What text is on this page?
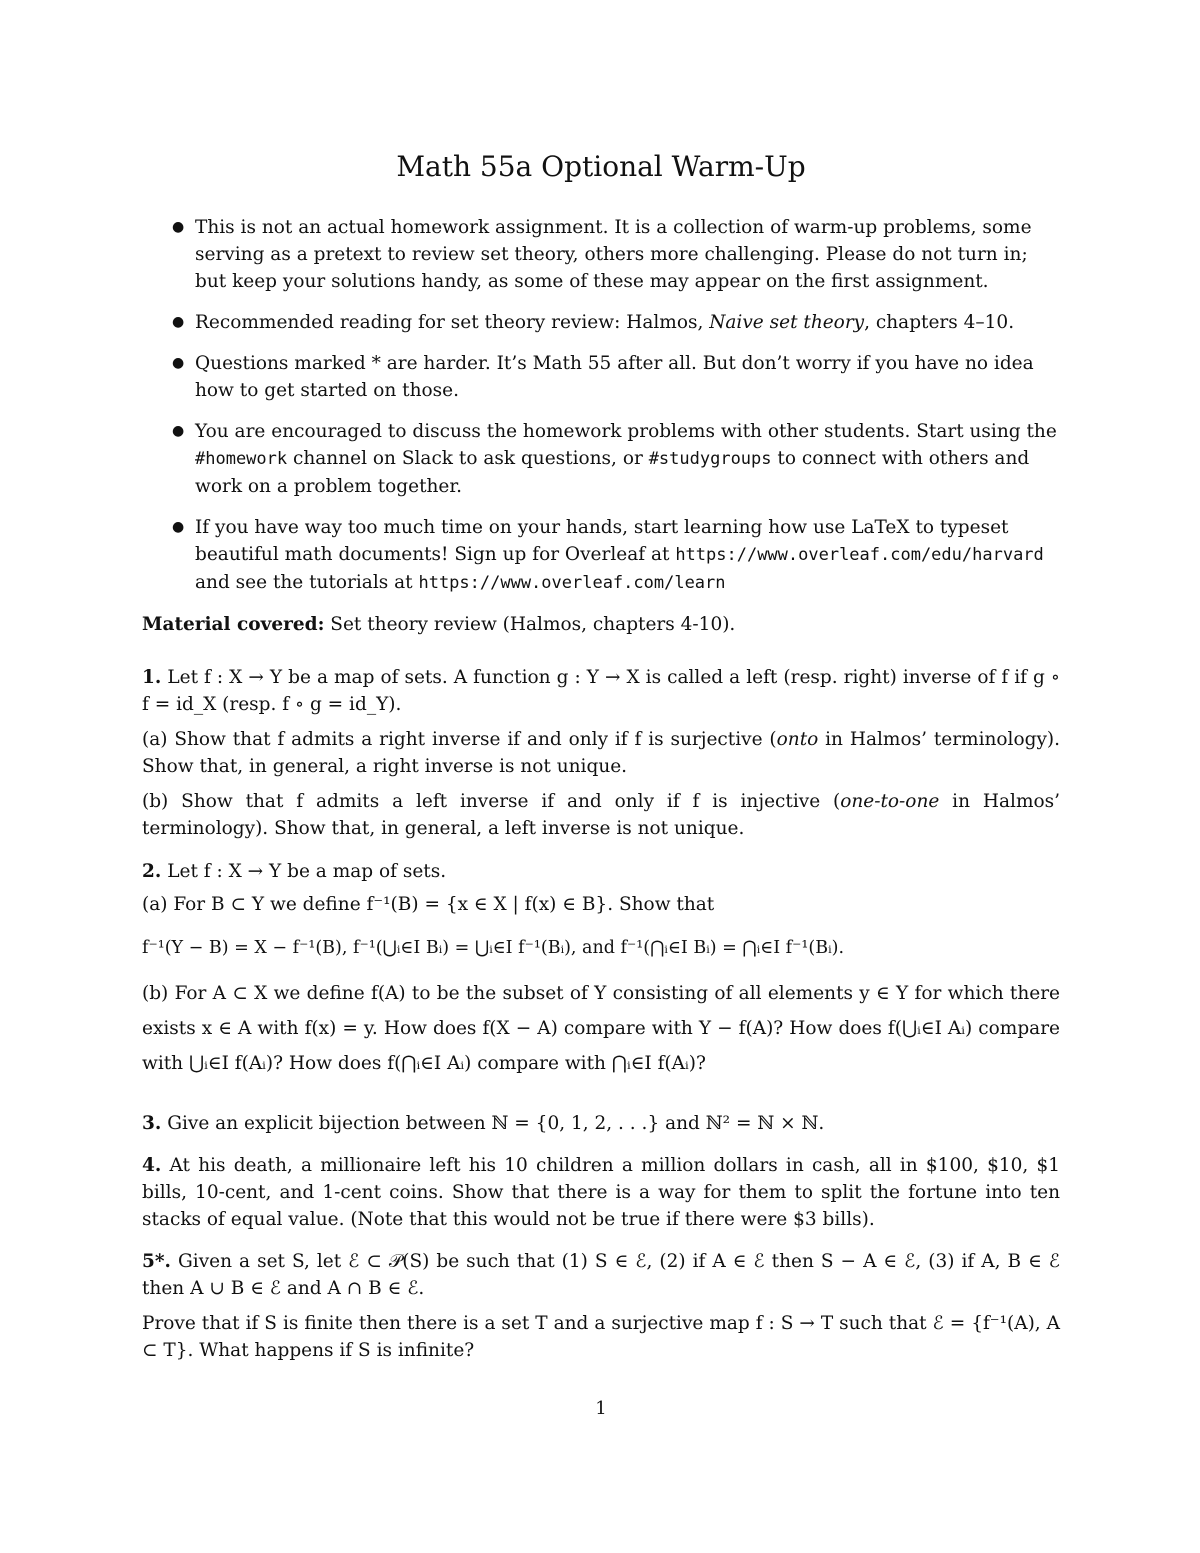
Math 55a Optional Warm-Up
● This is not an actual homework assignment. It is a collection of warm-up problems, some serving as a pretext to review set theory, others more challenging. Please do not turn in; but keep your solutions handy, as some of these may appear on the first assignment.
● Recommended reading for set theory review: Halmos, Naive set theory, chapters 4–10.
● Questions marked * are harder. It’s Math 55 after all. But don’t worry if you have no idea how to get started on those.
● You are encouraged to discuss the homework problems with other students. Start using the #homework channel on Slack to ask questions, or #studygroups to connect with others and work on a problem together.
● If you have way too much time on your hands, start learning how use LaTeX to typeset beautiful math documents! Sign up for Overleaf at https://www.overleaf.com/edu/harvard and see the tutorials at https://www.overleaf.com/learn
Material covered: Set theory review (Halmos, chapters 4-10).
1. Let f : X → Y be a map of sets. A function g : Y → X is called a left (resp. right) inverse of f if g ∘ f = id_X (resp. f ∘ g = id_Y).
(a) Show that f admits a right inverse if and only if f is surjective (onto in Halmos’ terminology). Show that, in general, a right inverse is not unique.
(b) Show that f admits a left inverse if and only if f is injective (one-to-one in Halmos’ terminology). Show that, in general, a left inverse is not unique.
2. Let f : X → Y be a map of sets.
(a) For B ⊂ Y we define f⁻¹(B) = {x ∈ X | f(x) ∈ B}. Show that
f⁻¹(Y − B) = X − f⁻¹(B), f⁻¹(⋃ᵢ∈I Bᵢ) = ⋃ᵢ∈I f⁻¹(Bᵢ), and f⁻¹(⋂ᵢ∈I Bᵢ) = ⋂ᵢ∈I f⁻¹(Bᵢ).
(b) For A ⊂ X we define f(A) to be the subset of Y consisting of all elements y ∈ Y for which there exists x ∈ A with f(x) = y. How does f(X − A) compare with Y − f(A)? How does f(⋃ᵢ∈I Aᵢ) compare with ⋃ᵢ∈I f(Aᵢ)? How does f(⋂ᵢ∈I Aᵢ) compare with ⋂ᵢ∈I f(Aᵢ)?
3. Give an explicit bijection between ℕ = {0, 1, 2, . . .} and ℕ² = ℕ × ℕ.
4. At his death, a millionaire left his 10 children a million dollars in cash, all in $100, $10, $1 bills, 10-cent, and 1-cent coins. Show that there is a way for them to split the fortune into ten stacks of equal value. (Note that this would not be true if there were $3 bills).
5*. Given a set S, let ℰ ⊂ 𝒫(S) be such that (1) S ∈ ℰ, (2) if A ∈ ℰ then S − A ∈ ℰ, (3) if A, B ∈ ℰ then A ∪ B ∈ ℰ and A ∩ B ∈ ℰ.
Prove that if S is finite then there is a set T and a surjective map f : S → T such that ℰ = {f⁻¹(A), A ⊂ T}. What happens if S is infinite?
1
